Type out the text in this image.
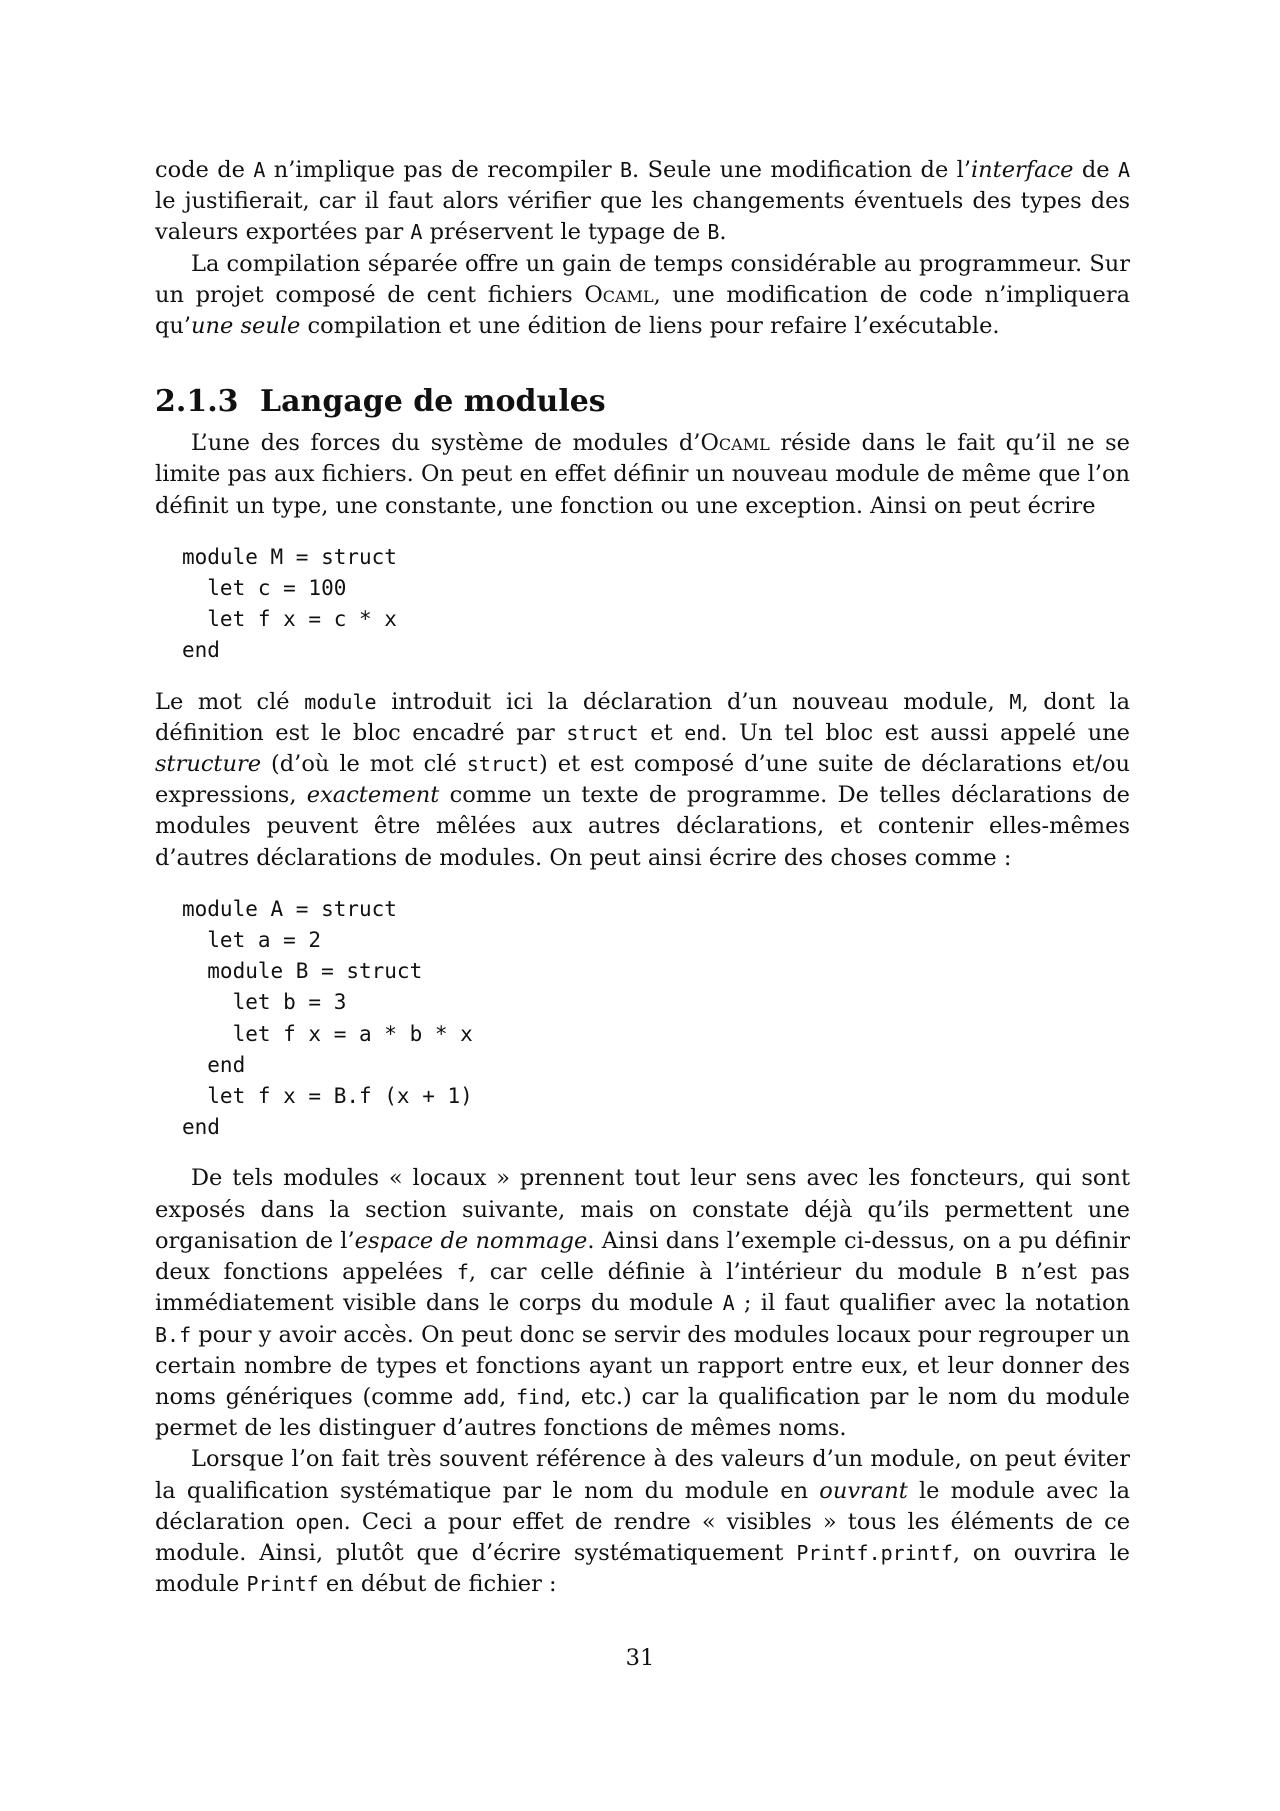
code de A n’implique pas de recompiler B. Seule une modification de l’interface de A le justifierait, car il faut alors vérifier que les changements éventuels des types des valeurs exportées par A préservent le typage de B.

La compilation séparée offre un gain de temps considérable au programmeur. Sur un projet composé de cent fichiers Ocaml, une modification de code n’impliquera qu’une seule compilation et une édition de liens pour refaire l’exécutable.

2.1.3 Langage de modules

L’une des forces du système de modules d’Ocaml réside dans le fait qu’il ne se limite pas aux fichiers. On peut en effet définir un nouveau module de même que l’on définit un type, une constante, une fonction ou une exception. Ainsi on peut écrire

module M = struct
let c = 100
let f x = c * x
end

Le mot clé module introduit ici la déclaration d’un nouveau module, M, dont la définition est le bloc encadré par struct et end. Un tel bloc est aussi appelé une structure (d’où le mot clé struct) et est composé d’une suite de déclarations et/ou expressions, exactement comme un texte de programme. De telles déclarations de modules peuvent être mêlées aux autres déclarations, et contenir elles-mêmes d’autres déclarations de modules. On peut ainsi écrire des choses comme :

module A = struct
let a = 2
module B = struct
let b = 3
let f x = a * b * x
end
let f x = B.f (x + 1)
end

De tels modules « locaux » prennent tout leur sens avec les foncteurs, qui sont exposés dans la section suivante, mais on constate déjà qu’ils permettent une organisation de l’espace de nommage. Ainsi dans l’exemple ci-dessus, on a pu définir deux fonctions appelées f, car celle définie à l’intérieur du module B n’est pas immédiatement visible dans le corps du module A ; il faut qualifier avec la notation B.f pour y avoir accès. On peut donc se servir des modules locaux pour regrouper un certain nombre de types et fonctions ayant un rapport entre eux, et leur donner des noms génériques (comme add, find, etc.) car la qualification par le nom du module permet de les distinguer d’autres fonctions de mêmes noms.

Lorsque l’on fait très souvent référence à des valeurs d’un module, on peut éviter la qualification systématique par le nom du module en ouvrant le module avec la déclaration open. Ceci a pour effet de rendre « visibles » tous les éléments de ce module. Ainsi, plutôt que d’écrire systématiquement Printf.printf, on ouvrira le module Printf en début de fichier :

31
